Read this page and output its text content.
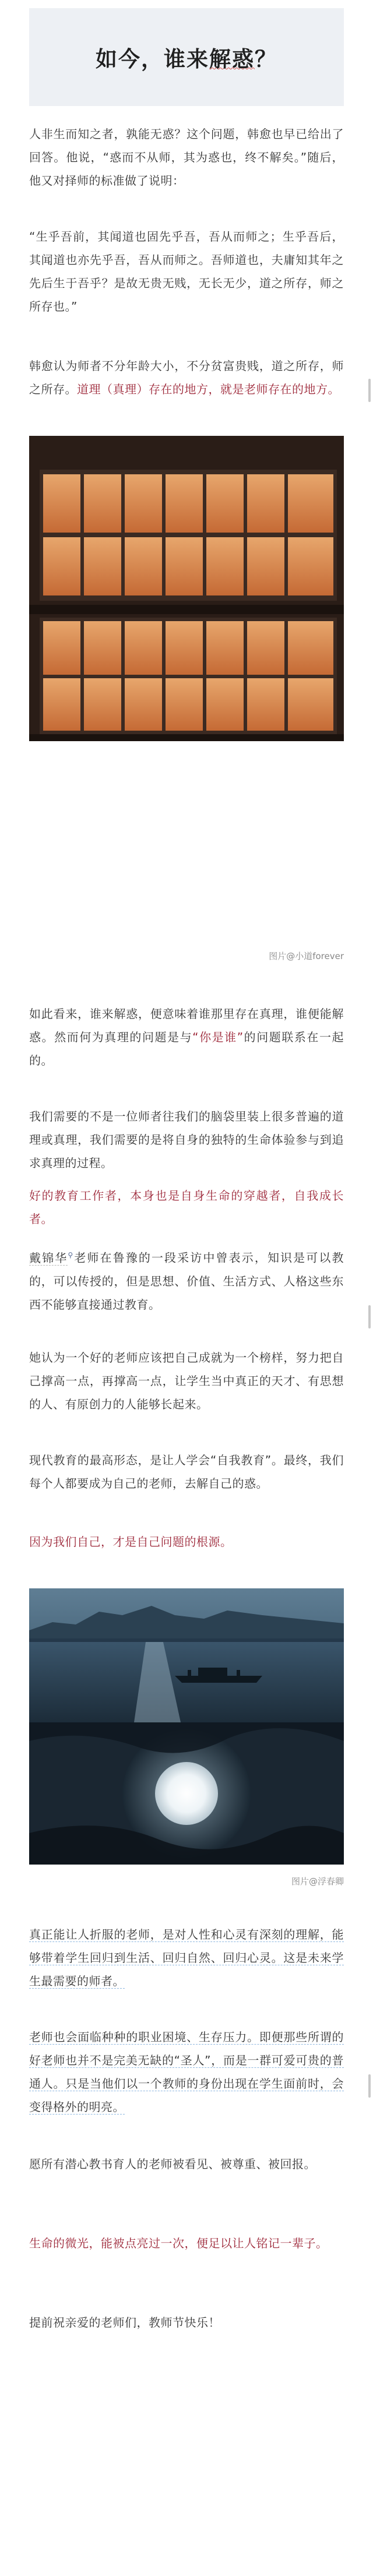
如今，谁来解惑？

人非生而知之者，孰能无惑？这个问题，韩愈也早已给出了回答。他说，“惑而不从师，其为惑也，终不解矣。”随后，他又对择师的标准做了说明：

“生乎吾前，其闻道也固先乎吾，吾从而师之；生乎吾后，其闻道也亦先乎吾，吾从而师之。吾师道也，夫庸知其年之先后生于吾乎？是故无贵无贱，无长无少，道之所存，师之所存也。”

韩愈认为师者不分年龄大小，不分贫富贵贱，道之所存，师之所存。道理（真理）存在的地方，就是老师存在的地方。

图片@小道forever

如此看来，谁来解惑，便意味着谁那里存在真理，谁便能解惑。然而何为真理的问题是与“你是谁”的问题联系在一起的。

我们需要的不是一位师者往我们的脑袋里装上很多普遍的道理或真理，我们需要的是将自身的独特的生命体验参与到追求真理的过程。

好的教育工作者，本身也是自身生命的穿越者，自我成长者。

戴锦华⚲老师在鲁豫的一段采访中曾表示，知识是可以教的，可以传授的，但是思想、价值、生活方式、人格这些东西不能够直接通过教育。

她认为一个好的老师应该把自己成就为一个榜样，努力把自己撑高一点，再撑高一点，让学生当中真正的天才、有思想的人、有原创力的人能够长起来。

现代教育的最高形态，是让人学会“自我教育”。最终，我们每个人都要成为自己的老师，去解自己的惑。

因为我们自己，才是自己问题的根源。

图片@浮春卿

真正能让人折服的老师，是对人性和心灵有深刻的理解，能够带着学生回归到生活、回归自然、回归心灵。这是未来学生最需要的师者。

老师也会面临种种的职业困境、生存压力。即便那些所谓的好老师也并不是完美无缺的“圣人”，而是一群可爱可贵的普通人。只是当他们以一个教师的身份出现在学生面前时，会变得格外的明亮。

愿所有潜心教书育人的老师被看见、被尊重、被回报。

生命的微光，能被点亮过一次，便足以让人铭记一辈子。

提前祝亲爱的老师们，教师节快乐！
